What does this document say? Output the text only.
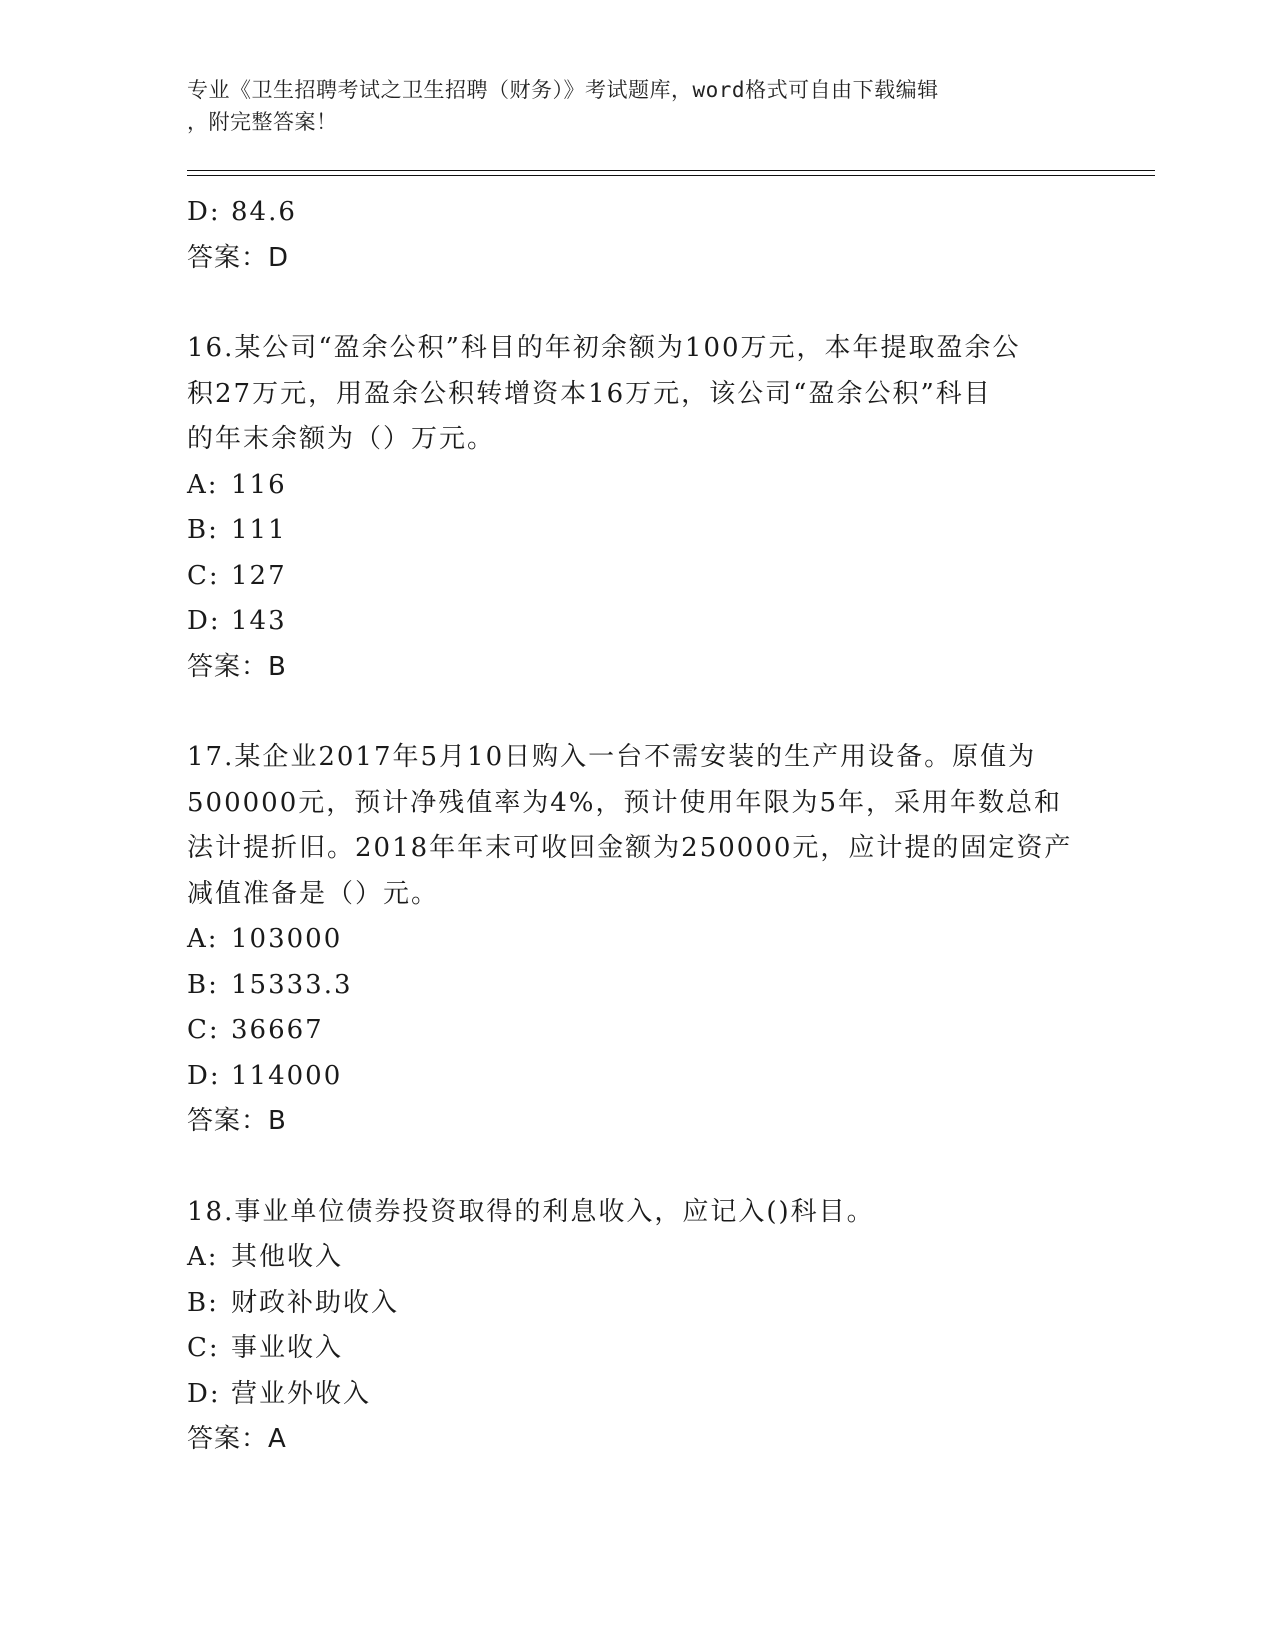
专业《卫生招聘考试之卫生招聘（财务）》考试题库，word格式可自由下载编辑
，附完整答案！

D: 84.6

答案：D

16.某公司“盈余公积”科目的年初余额为100万元，本年提取盈余公

积27万元，用盈余公积转增资本16万元，该公司“盈余公积”科目

的年末余额为（）万元。

A: 116

B: 111

C: 127

D: 143

答案：B

17.某企业2017年5月10日购入一台不需安装的生产用设备。原值为

500000元，预计净残值率为4%，预计使用年限为5年，采用年数总和

法计提折旧。2018年年末可收回金额为250000元，应计提的固定资产

减值准备是（）元。

A: 103000

B: 15333.3

C: 36667

D: 114000

答案：B

18.事业单位债券投资取得的利息收入，应记入()科目。

A: 其他收入

B: 财政补助收入

C: 事业收入

D: 营业外收入

答案：A
